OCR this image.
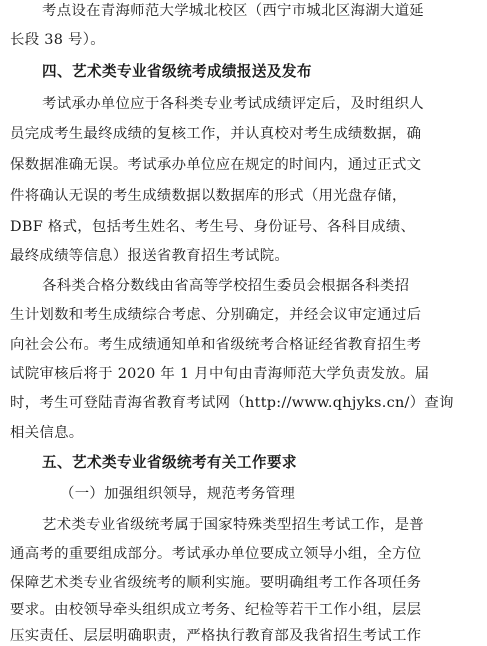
考点设在青海师范大学城北校区（西宁市城北区海湖大道延
长段 38 号）。
四、艺术类专业省级统考成绩报送及发布
考试承办单位应于各科类专业考试成绩评定后，及时组织人
员完成考生最终成绩的复核工作，并认真校对考生成绩数据，确
保数据准确无误。考试承办单位应在规定的时间内，通过正式文
件将确认无误的考生成绩数据以数据库的形式（用光盘存储，
DBF 格式，包括考生姓名、考生号、身份证号、各科目成绩、
最终成绩等信息）报送省教育招生考试院。
各科类合格分数线由省高等学校招生委员会根据各科类招
生计划数和考生成绩综合考虑、分别确定，并经会议审定通过后
向社会公布。考生成绩通知单和省级统考合格证经省教育招生考
试院审核后将于 2020 年 1 月中旬由青海师范大学负责发放。届
时，考生可登陆青海省教育考试网（http://www.qhjyks.cn/）查询
相关信息。
五、艺术类专业省级统考有关工作要求
（一）加强组织领导，规范考务管理
艺术类专业省级统考属于国家特殊类型招生考试工作，是普
通高考的重要组成部分。考试承办单位要成立领导小组，全方位
保障艺术类专业省级统考的顺利实施。要明确组考工作各项任务
要求。由校领导牵头组织成立考务、纪检等若干工作小组，层层
压实责任、层层明确职责，严格执行教育部及我省招生考试工作
